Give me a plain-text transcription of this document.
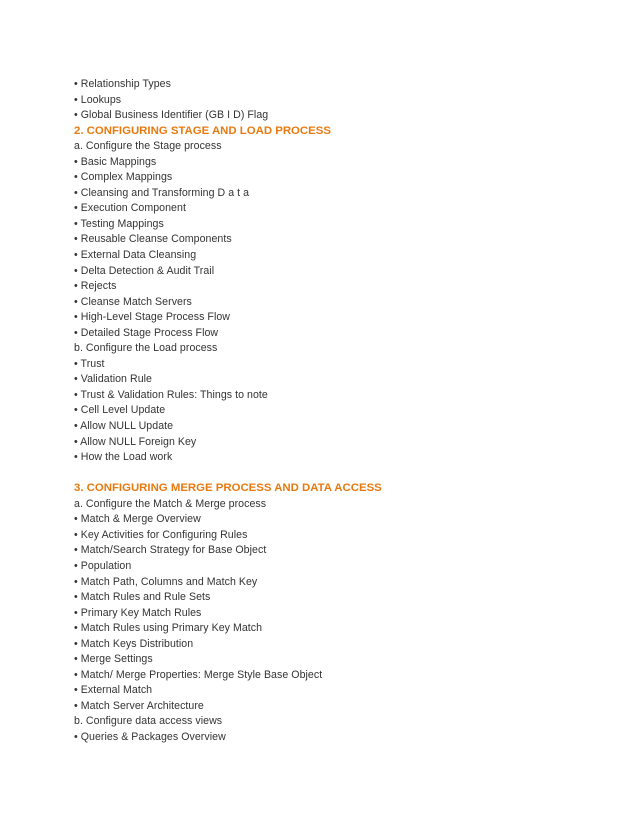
• Relationship Types
• Lookups
• Global Business Identifier (GB I D) Flag
2. CONFIGURING STAGE AND LOAD PROCESS
a. Configure the Stage process
• Basic Mappings
• Complex Mappings
• Cleansing and Transforming D a t a
• Execution Component
• Testing Mappings
• Reusable Cleanse Components
• External Data Cleansing
• Delta Detection & Audit Trail
• Rejects
• Cleanse Match Servers
• High-Level Stage Process Flow
• Detailed Stage Process Flow
b. Configure the Load process
• Trust
• Validation Rule
• Trust & Validation Rules: Things to note
• Cell Level Update
• Allow NULL Update
• Allow NULL Foreign Key
• How the Load work
3. CONFIGURING MERGE PROCESS AND DATA ACCESS
a. Configure the Match & Merge process
• Match & Merge Overview
• Key Activities for Configuring Rules
• Match/Search Strategy for Base Object
• Population
• Match Path, Columns and Match Key
• Match Rules and Rule Sets
• Primary Key Match Rules
• Match Rules using Primary Key Match
• Match Keys Distribution
• Merge Settings
• Match/ Merge Properties: Merge Style Base Object
• External Match
• Match Server Architecture
b. Configure data access views
• Queries & Packages Overview
